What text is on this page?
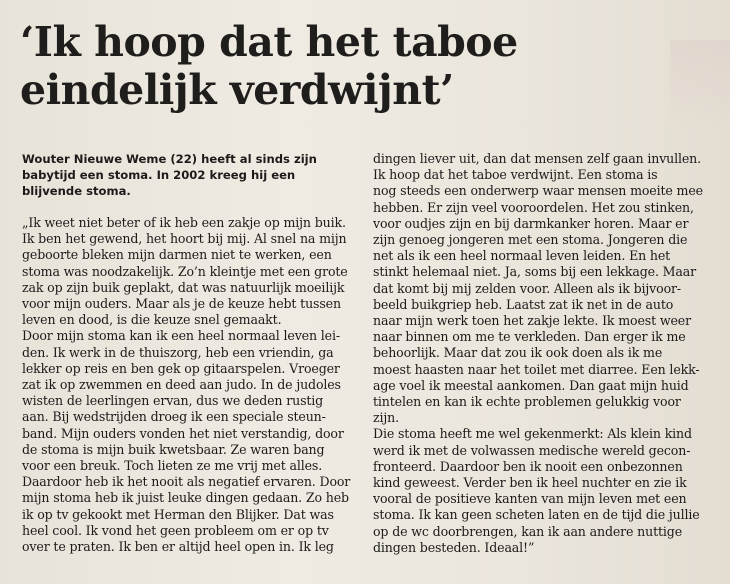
‘Ik hoop dat het taboe
eindelijk verdwijnt’

Wouter Nieuwe Weme (22) heeft al sinds zijn
babytijd een stoma. In 2002 kreeg hij een
blijvende stoma.

„Ik weet niet beter of ik heb een zakje op mijn buik.
Ik ben het gewend, het hoort bij mij. Al snel na mijn
geboorte bleken mijn darmen niet te werken, een
stoma was noodzakelijk. Zo’n kleintje met een grote
zak op zijn buik geplakt, dat was natuurlijk moeilijk
voor mijn ouders. Maar als je de keuze hebt tussen
leven en dood, is die keuze snel gemaakt.
Door mijn stoma kan ik een heel normaal leven lei-
den. Ik werk in de thuiszorg, heb een vriendin, ga
lekker op reis en ben gek op gitaarspelen. Vroeger
zat ik op zwemmen en deed aan judo. In de judoles
wisten de leerlingen ervan, dus we deden rustig
aan. Bij wedstrijden droeg ik een speciale steun-
band. Mijn ouders vonden het niet verstandig, door
de stoma is mijn buik kwetsbaar. Ze waren bang
voor een breuk. Toch lieten ze me vrij met alles.
Daardoor heb ik het nooit als negatief ervaren. Door
mijn stoma heb ik juist leuke dingen gedaan. Zo heb
ik op tv gekookt met Herman den Blijker. Dat was
heel cool. Ik vond het geen probleem om er op tv
over te praten. Ik ben er altijd heel open in. Ik leg

dingen liever uit, dan dat mensen zelf gaan invullen.
Ik hoop dat het taboe verdwijnt. Een stoma is
nog steeds een onderwerp waar mensen moeite mee
hebben. Er zijn veel vooroordelen. Het zou stinken,
voor oudjes zijn en bij darmkanker horen. Maar er
zijn genoeg jongeren met een stoma. Jongeren die
net als ik een heel normaal leven leiden. En het
stinkt helemaal niet. Ja, soms bij een lekkage. Maar
dat komt bij mij zelden voor. Alleen als ik bijvoor-
beeld buikgriep heb. Laatst zat ik net in de auto
naar mijn werk toen het zakje lekte. Ik moest weer
naar binnen om me te verkleden. Dan erger ik me
behoorlijk. Maar dat zou ik ook doen als ik me
moest haasten naar het toilet met diarree. Een lekk-
age voel ik meestal aankomen. Dan gaat mijn huid
tintelen en kan ik echte problemen gelukkig voor
zijn.
Die stoma heeft me wel gekenmerkt: Als klein kind
werd ik met de volwassen medische wereld gecon-
fronteerd. Daardoor ben ik nooit een onbezonnen
kind geweest. Verder ben ik heel nuchter en zie ik
vooral de positieve kanten van mijn leven met een
stoma. Ik kan geen scheten laten en de tijd die jullie
op de wc doorbrengen, kan ik aan andere nuttige
dingen besteden. Ideaal!”
